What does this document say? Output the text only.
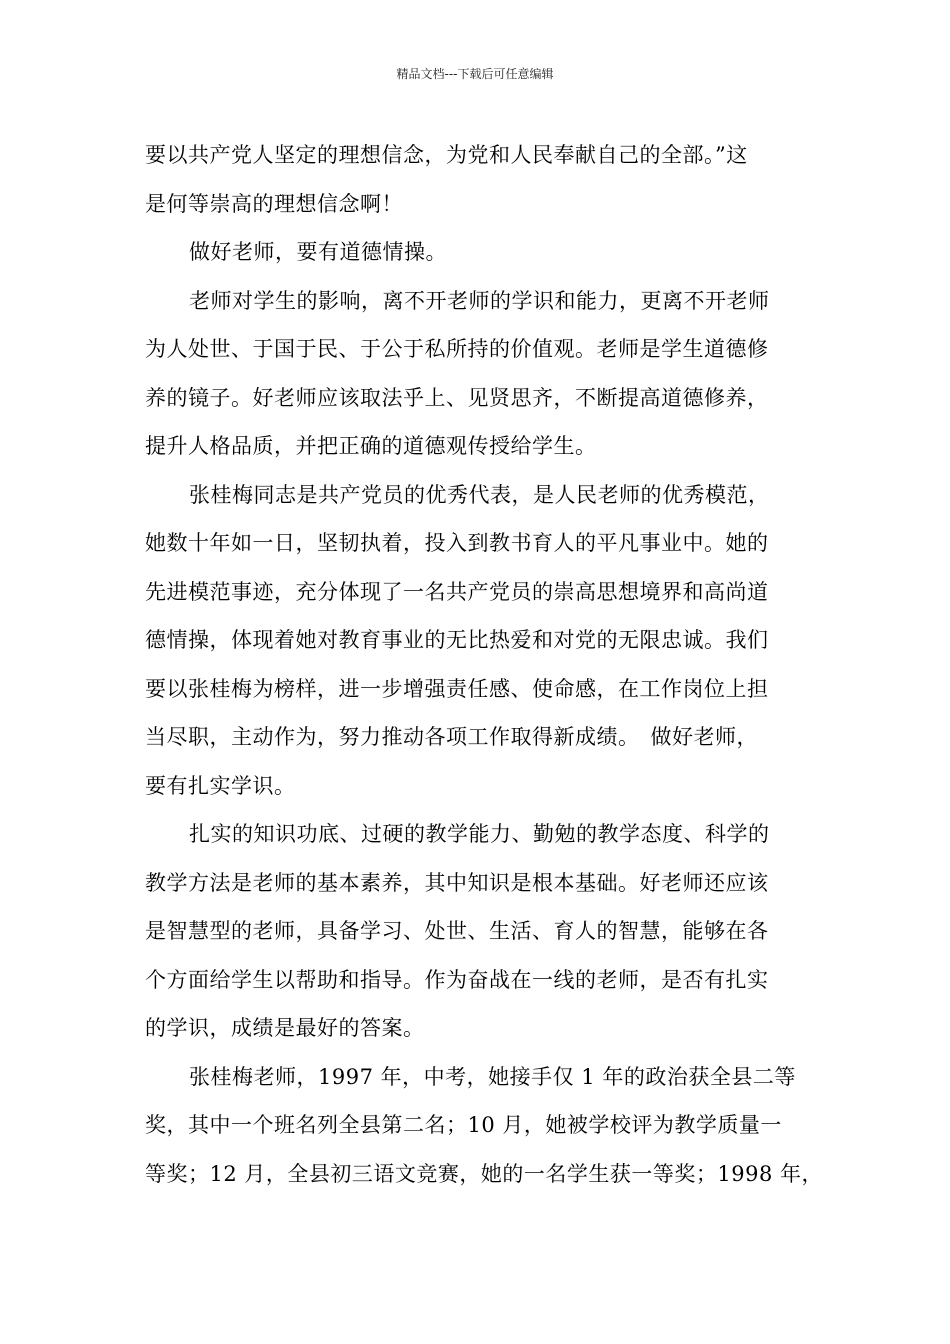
精品文档---下载后可任意编辑

要以共产党人坚定的理想信念，为党和人民奉献自己的全部。”这
是何等崇高的理想信念啊！

做好老师，要有道德情操。

老师对学生的影响，离不开老师的学识和能力，更离不开老师
为人处世、于国于民、于公于私所持的价值观。老师是学生道德修
养的镜子。好老师应该取法乎上、见贤思齐，不断提高道德修养，
提升人格品质，并把正确的道德观传授给学生。

张桂梅同志是共产党员的优秀代表，是人民老师的优秀模范，
她数十年如一日，坚韧执着，投入到教书育人的平凡事业中。她的
先进模范事迹，充分体现了一名共产党员的崇高思想境界和高尚道
德情操，体现着她对教育事业的无比热爱和对党的无限忠诚。我们
要以张桂梅为榜样，进一步增强责任感、使命感，在工作岗位上担
当尽职，主动作为，努力推动各项工作取得新成绩。　做好老师，
要有扎实学识。

扎实的知识功底、过硬的教学能力、勤勉的教学态度、科学的
教学方法是老师的基本素养，其中知识是根本基础。好老师还应该
是智慧型的老师，具备学习、处世、生活、育人的智慧，能够在各
个方面给学生以帮助和指导。作为奋战在一线的老师，是否有扎实
的学识，成绩是最好的答案。

张桂梅老师，1997 年，中考，她接手仅 1 年的政治获全县二等
奖，其中一个班名列全县第二名；10 月，她被学校评为教学质量一
等奖；12 月，全县初三语文竞赛，她的一名学生获一等奖；1998 年，
